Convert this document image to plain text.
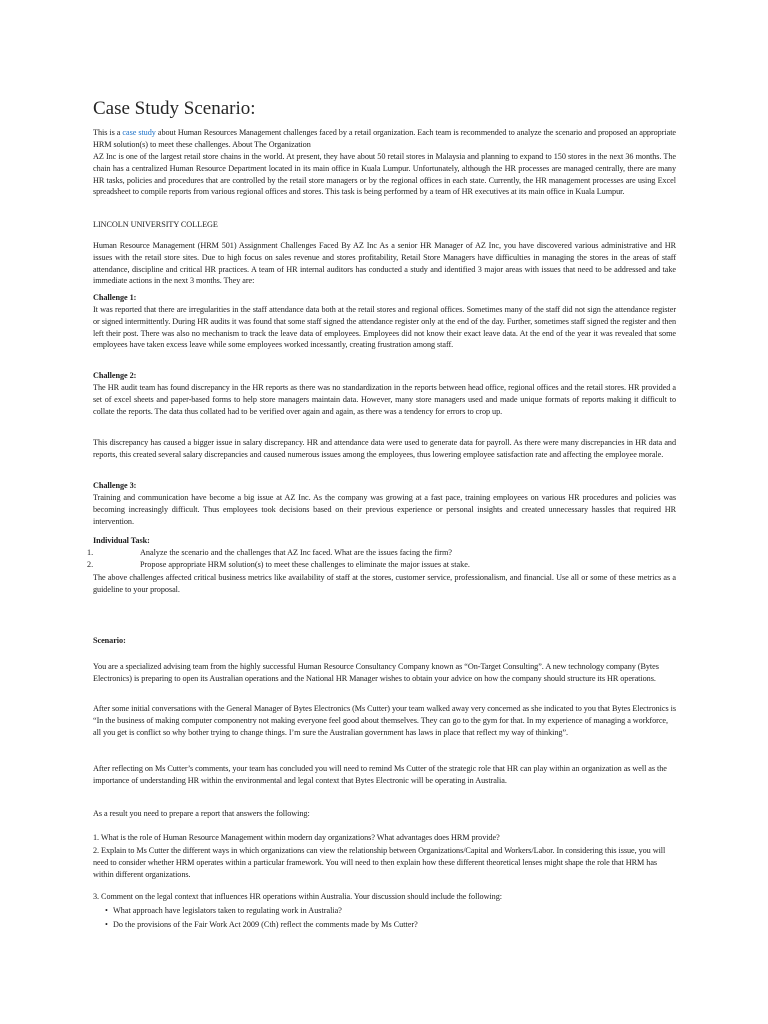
Case Study Scenario:

This is a case study about Human Resources Management challenges faced by a retail organization. Each team is recommended to analyze the scenario and proposed an appropriate HRM solution(s) to meet these challenges. About The Organization

AZ Inc is one of the largest retail store chains in the world. At present, they have about 50 retail stores in Malaysia and planning to expand to 150 stores in the next 36 months. The chain has a centralized Human Resource Department located in its main office in Kuala Lumpur. Unfortunately, although the HR processes are managed centrally, there are many HR tasks, policies and procedures that are controlled by the retail store managers or by the regional offices in each state. Currently, the HR management processes are using Excel spreadsheet to compile reports from various regional offices and stores. This task is being performed by a team of HR executives at its main office in Kuala Lumpur.

LINCOLN UNIVERSITY COLLEGE

Human Resource Management (HRM 501) Assignment Challenges Faced By AZ Inc As a senior HR Manager of AZ Inc, you have discovered various administrative and HR issues with the retail store sites. Due to high focus on sales revenue and stores profitability, Retail Store Managers have difficulties in managing the stores in the areas of staff attendance, discipline and critical HR practices. A team of HR internal auditors has conducted a study and identified 3 major areas with issues that need to be addressed and take immediate actions in the next 3 months. They are:

Challenge 1:

It was reported that there are irregularities in the staff attendance data both at the retail stores and regional offices. Sometimes many of the staff did not sign the attendance register or signed intermittently. During HR audits it was found that some staff signed the attendance register only at the end of the day. Further, sometimes staff signed the register and then left their post. There was also no mechanism to track the leave data of employees. Employees did not know their exact leave data. At the end of the year it was revealed that some employees have taken excess leave while some employees worked incessantly, creating frustration among staff.

Challenge 2:

The HR audit team has found discrepancy in the HR reports as there was no standardization in the reports between head office, regional offices and the retail stores. HR provided a set of excel sheets and paper-based forms to help store managers maintain data. However, many store managers used and made unique formats of reports making it difficult to collate the reports. The data thus collated had to be verified over again and again, as there was a tendency for errors to crop up.

This discrepancy has caused a bigger issue in salary discrepancy. HR and attendance data were used to generate data for payroll. As there were many discrepancies in HR data and reports, this created several salary discrepancies and caused numerous issues among the employees, thus lowering employee satisfaction rate and affecting the employee morale.

Challenge 3:

Training and communication have become a big issue at AZ Inc. As the company was growing at a fast pace, training employees on various HR procedures and policies was becoming increasingly difficult. Thus employees took decisions based on their previous experience or personal insights and created unnecessary hassles that required HR intervention.

Individual Task:

1.	Analyze the scenario and the challenges that AZ Inc faced. What are the issues facing the firm?
2.	Propose appropriate HRM solution(s) to meet these challenges to eliminate the major issues at stake.

The above challenges affected critical business metrics like availability of staff at the stores, customer service, professionalism, and financial. Use all or some of these metrics as a guideline to your proposal.

Scenario:

You are a specialized advising team from the highly successful Human Resource Consultancy Company known as “On-Target Consulting”. A new technology company (Bytes Electronics) is preparing to open its Australian operations and the National HR Manager wishes to obtain your advice on how the company should structure its HR operations.

After some initial conversations with the General Manager of Bytes Electronics (Ms Cutter) your team walked away very concerned as she indicated to you that Bytes Electronics is “In the business of making computer componentry not making everyone feel good about themselves. They can go to the gym for that. In my experience of managing a workforce, all you get is conflict so why bother trying to change things. I’m sure the Australian government has laws in place that reflect my way of thinking”.

After reflecting on Ms Cutter’s comments, your team has concluded you will need to remind Ms Cutter of the strategic role that HR can play within an organization as well as the importance of understanding HR within the environmental and legal context that Bytes Electronic will be operating in Australia.

As a result you need to prepare a report that answers the following:

1. What is the role of Human Resource Management within modern day organizations? What advantages does HRM provide?

2. Explain to Ms Cutter the different ways in which organizations can view the relationship between Organizations/Capital and Workers/Labor. In considering this issue, you will need to consider whether HRM operates within a particular framework. You will need to then explain how these different theoretical lenses might shape the role that HRM has within different organizations.

3. Comment on the legal context that influences HR operations within Australia. Your discussion should include the following:

• What approach have legislators taken to regulating work in Australia?
• Do the provisions of the Fair Work Act 2009 (Cth) reflect the comments made by Ms Cutter?
